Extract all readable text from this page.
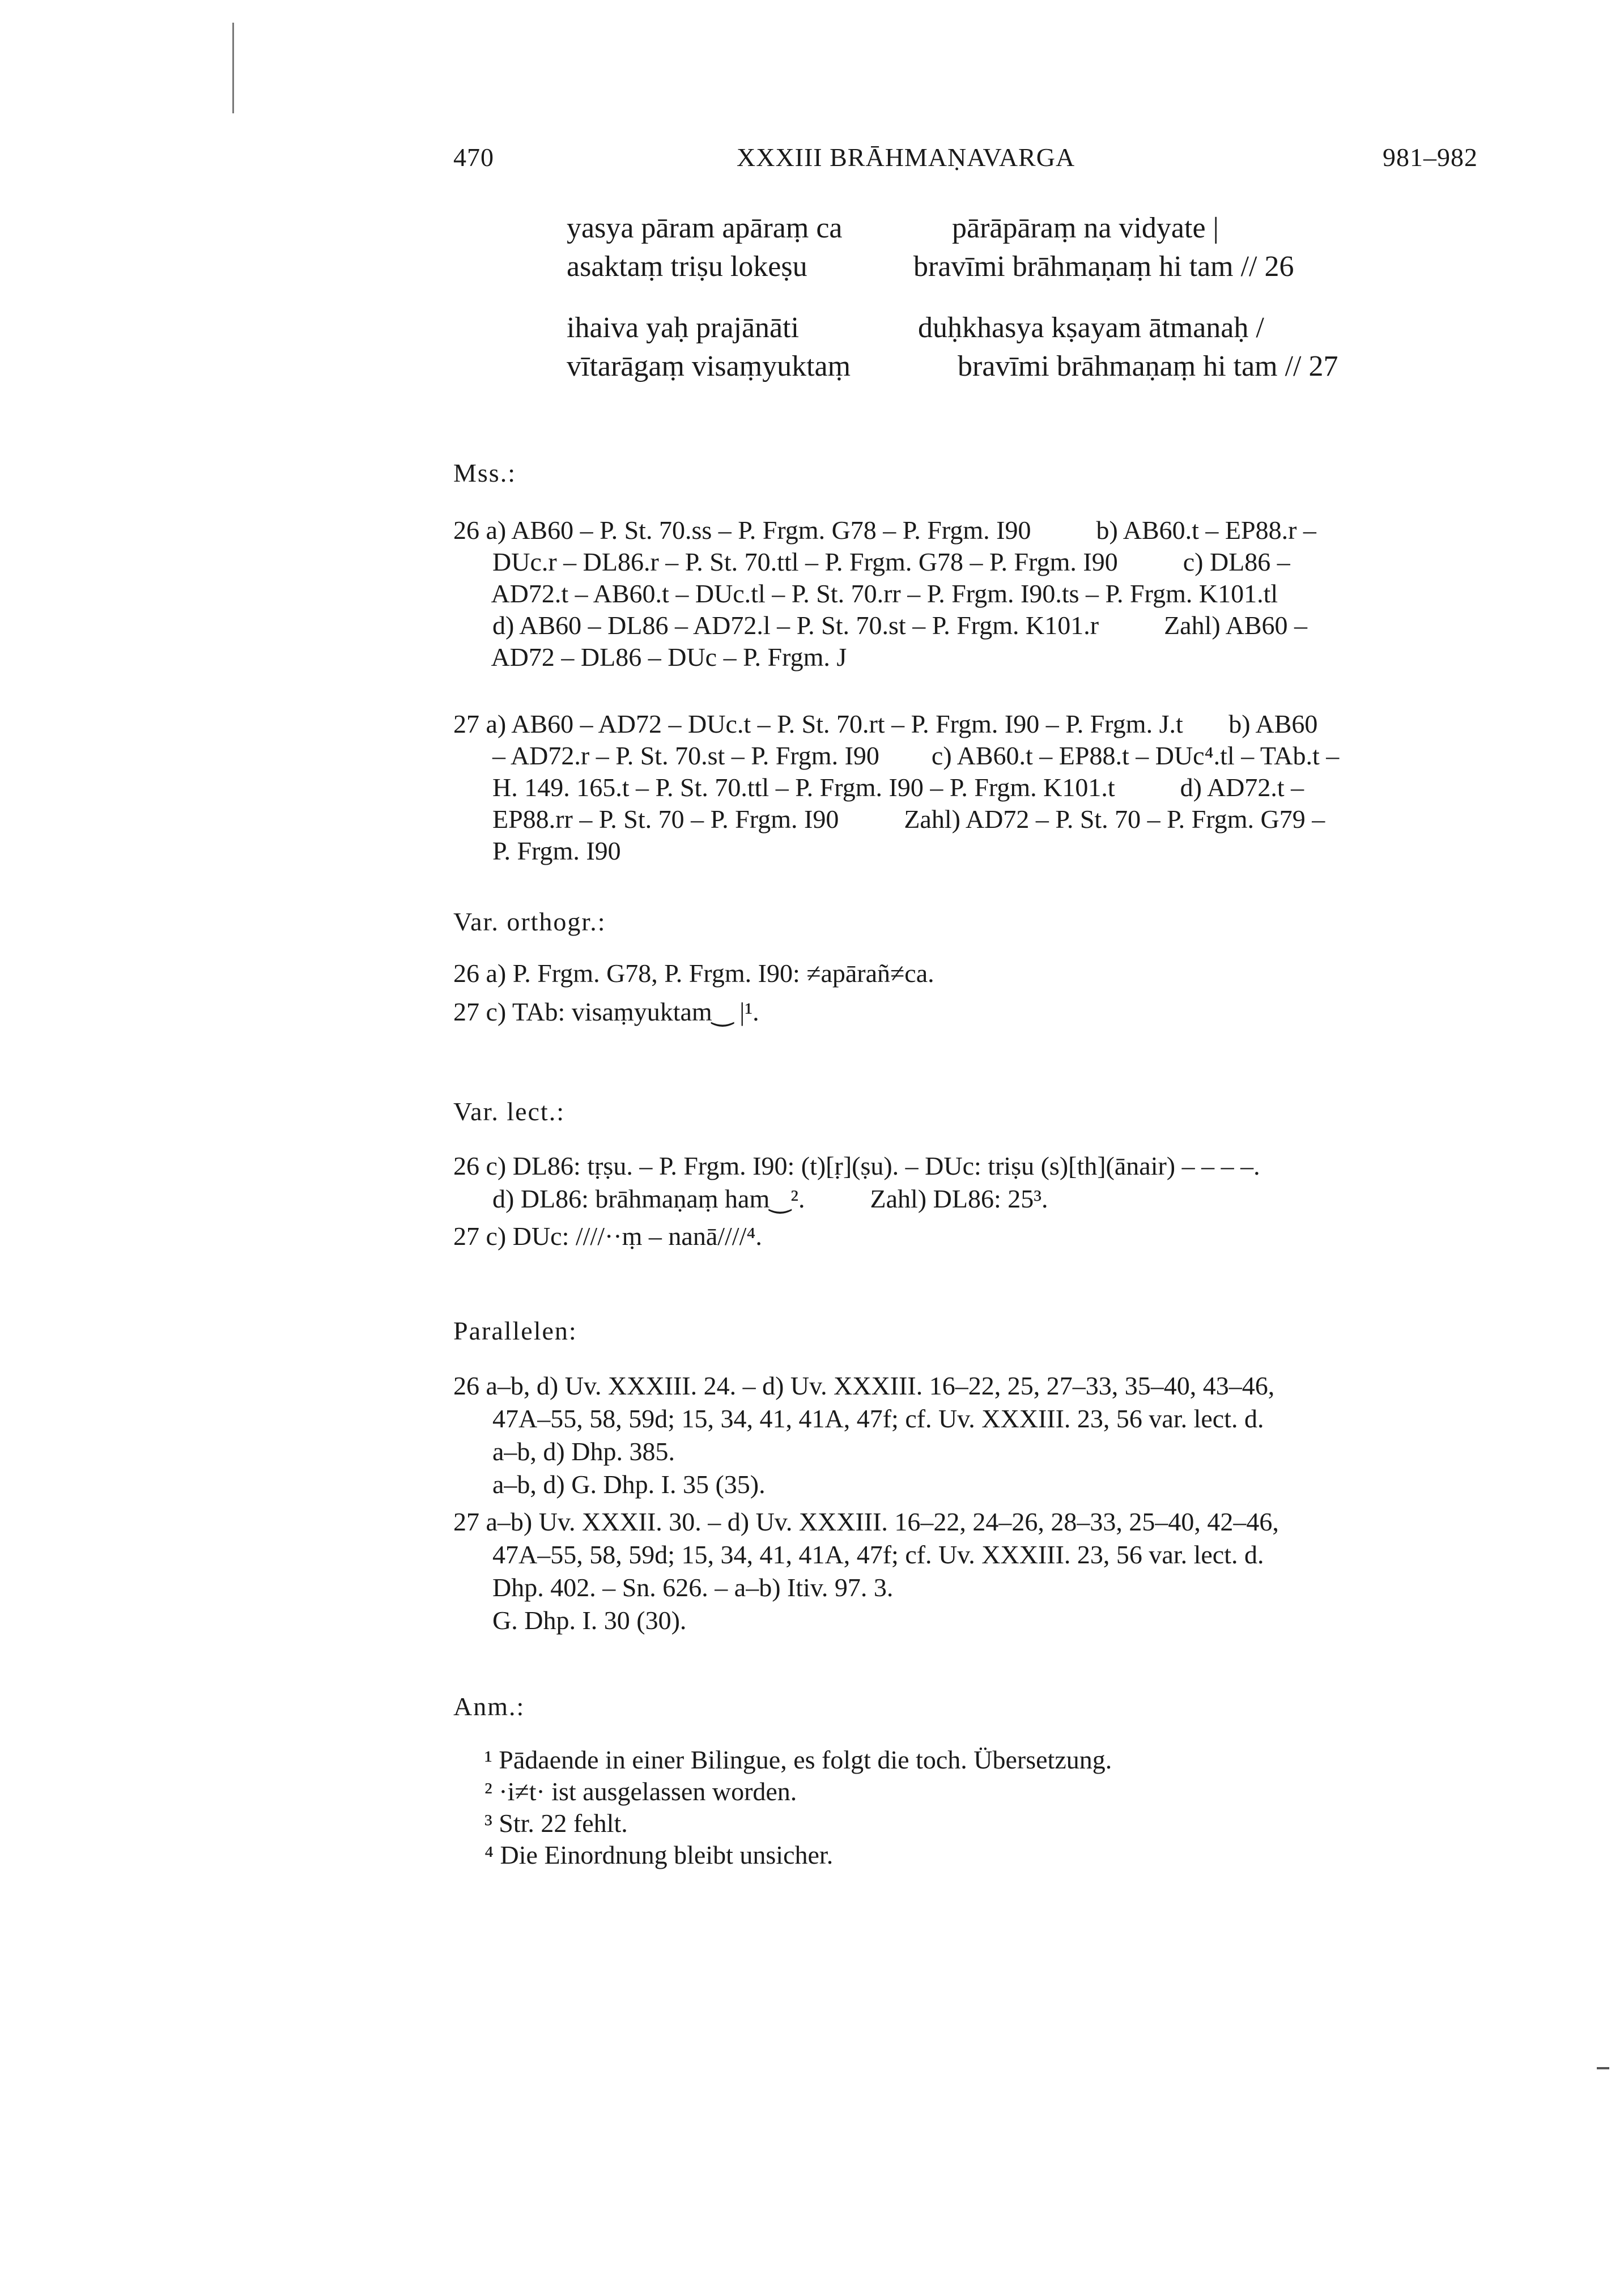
470	XXXIII BRĀHMAṆAVARGA	981–982
yasya pāram apāraṃ ca	pārāpāraṃ na vidyate |
asaktaṃ triṣu lokeṣu	bravīmi brāhmaṇaṃ hi tam // 26
ihaiva yaḥ prajānāti	duḥkhasya kṣayam ātmanaḥ /
vītarāgaṃ visaṃyuktaṃ	bravīmi brāhmaṇaṃ hi tam // 27
Mss.:
26 a) AB60 – P. St. 70.ss – P. Frgm. G78 – P. Frgm. I90          b) AB60.t – EP88.r –
DUc.r – DL86.r – P. St. 70.ttl – P. Frgm. G78 – P. Frgm. I90          c) DL86 –
AD72.t – AB60.t – DUc.tl – P. St. 70.rr – P. Frgm. I90.ts – P. Frgm. K101.tl
d) AB60 – DL86 – AD72.l – P. St. 70.st – P. Frgm. K101.r          Zahl) AB60 –
AD72 – DL86 – DUc – P. Frgm. J
27 a) AB60 – AD72 – DUc.t – P. St. 70.rt – P. Frgm. I90 – P. Frgm. J.t       b) AB60
– AD72.r – P. St. 70.st – P. Frgm. I90        c) AB60.t – EP88.t – DUc⁴.tl – TAb.t –
H. 149. 165.t – P. St. 70.ttl – P. Frgm. I90 – P. Frgm. K101.t          d) AD72.t –
EP88.rr – P. St. 70 – P. Frgm. I90          Zahl) AD72 – P. St. 70 – P. Frgm. G79 –
P. Frgm. I90
Var. orthogr.:
26 a) P. Frgm. G78, P. Frgm. I90: ≠apārañ≠ca.
27 c) TAb: visaṃyuktam‿ |¹.
Var. lect.:
26 c) DL86: tṛṣu. – P. Frgm. I90: (t)[ṛ](ṣu). – DUc: triṣu (s)[th](ānair) – – – –.
d) DL86: brāhmaṇaṃ ham‿².          Zahl) DL86: 25³.
27 c) DUc: ////··ṃ – nanā////⁴.
Parallelen:
26 a–b, d) Uv. XXXIII. 24. – d) Uv. XXXIII. 16–22, 25, 27–33, 35–40, 43–46,
47A–55, 58, 59d; 15, 34, 41, 41A, 47f; cf. Uv. XXXIII. 23, 56 var. lect. d.
a–b, d) Dhp. 385.
a–b, d) G. Dhp. I. 35 (35).
27 a–b) Uv. XXXII. 30. – d) Uv. XXXIII. 16–22, 24–26, 28–33, 25–40, 42–46,
47A–55, 58, 59d; 15, 34, 41, 41A, 47f; cf. Uv. XXXIII. 23, 56 var. lect. d.
Dhp. 402. – Sn. 626. – a–b) Itiv. 97. 3.
G. Dhp. I. 30 (30).
Anm.:
¹ Pādaende in einer Bilingue, es folgt die toch. Übersetzung.
² ·i≠t· ist ausgelassen worden.
³ Str. 22 fehlt.
⁴ Die Einordnung bleibt unsicher.
